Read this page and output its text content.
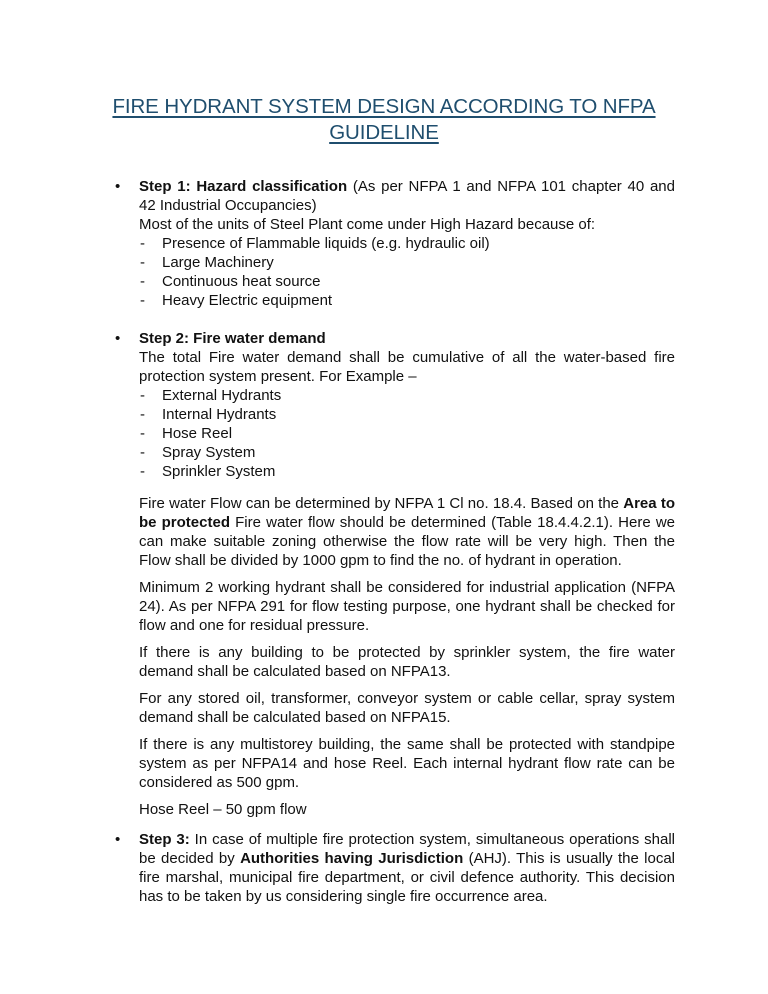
FIRE HYDRANT SYSTEM DESIGN ACCORDING TO NFPA
GUIDELINE
•	Step 1: Hazard classification (As per NFPA 1 and NFPA 101 chapter 40 and 42 Industrial Occupancies)
Most of the units of Steel Plant come under High Hazard because of:
- Presence of Flammable liquids (e.g. hydraulic oil)
- Large Machinery
- Continuous heat source
- Heavy Electric equipment
•	Step 2: Fire water demand
The total Fire water demand shall be cumulative of all the water-based fire protection system present. For Example –
- External Hydrants
- Internal Hydrants
- Hose Reel
- Spray System
- Sprinkler System
Fire water Flow can be determined by NFPA 1 Cl no. 18.4. Based on the Area to be protected Fire water flow should be determined (Table 18.4.4.2.1). Here we can make suitable zoning otherwise the flow rate will be very high. Then the Flow shall be divided by 1000 gpm to find the no. of hydrant in operation.
Minimum 2 working hydrant shall be considered for industrial application (NFPA 24). As per NFPA 291 for flow testing purpose, one hydrant shall be checked for flow and one for residual pressure.
If there is any building to be protected by sprinkler system, the fire water demand shall be calculated based on NFPA13.
For any stored oil, transformer, conveyor system or cable cellar, spray system demand shall be calculated based on NFPA15.
If there is any multistorey building, the same shall be protected with standpipe system as per NFPA14 and hose Reel. Each internal hydrant flow rate can be considered as 500 gpm.
Hose Reel – 50 gpm flow
•	Step 3: In case of multiple fire protection system, simultaneous operations shall be decided by Authorities having Jurisdiction (AHJ). This is usually the local fire marshal, municipal fire department, or civil defence authority. This decision has to be taken by us considering single fire occurrence area.
